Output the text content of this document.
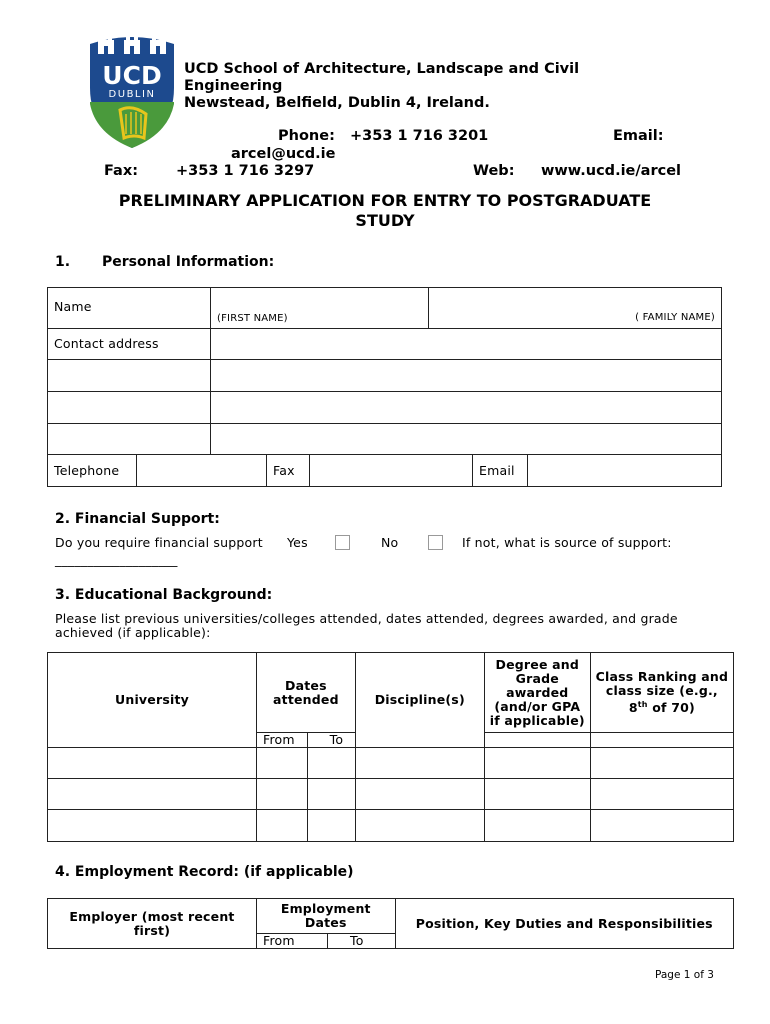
UCD
DUBLIN
UCD School of Architecture, Landscape and Civil
Engineering
Newstead, Belfield, Dublin 4, Ireland.
Phone: +353 1 716 3201	Email:
arcel@ucd.ie
Fax:	+353 1 716 3297	Web: www.ucd.ie/arcel
PRELIMINARY APPLICATION FOR ENTRY TO POSTGRADUATE
STUDY
1. Personal Information:
Name	(FIRST NAME)	( FAMILY NAME)

Contact address		

Telephone		Fax		Email	
2. Financial Support:
Do you require financial support Yes	No	If not, what is source of support:
___________________
3. Educational Background:
Please list previous universities/colleges attended, dates attended, degrees awarded, and grade
achieved (if applicable):
University	Dates attended		Discipline(s)	Degree and Grade awarded (and/or GPA if applicable)	Class Ranking and class size (e.g., 8th of 70)
	From	To			

4. Employment Record: (if applicable)
Employer (most recent first)	Employment Dates		Position, Key Duties and Responsibilities
	From	To	
Page 1 of 3
